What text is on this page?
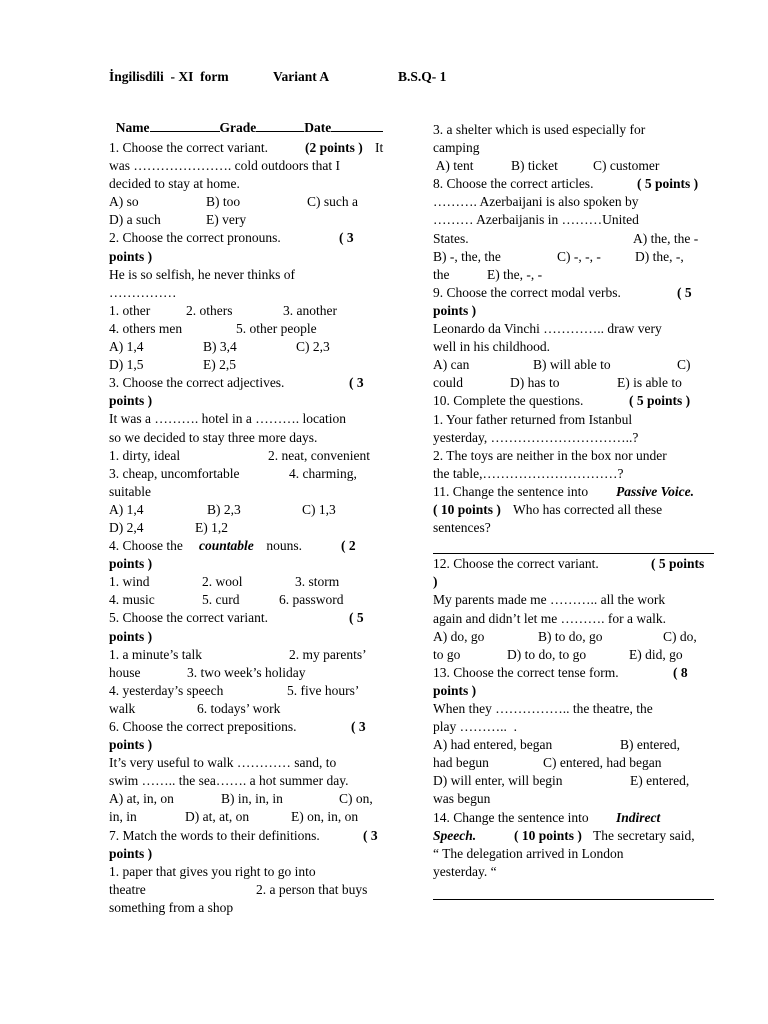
İngilisdili  - XI  form	Variant A	B.S.Q- 1

Name	Grade	Date

1. Choose the correct variant. (2 points ) It
was …………………. cold outdoors that I
decided to stay at home.
A) so	B) too	C) such a
D) a such	E) very
2. Choose the correct pronouns.	( 3
points )
He is so selfish, he never thinks of
……………
1. other	2. others	3. another
4. others men	5. other people
A) 1,4	B) 3,4	C) 2,3
D) 1,5	E) 2,5
3. Choose the correct adjectives.	( 3
points )
It was a ………. hotel in a ………. location
so we decided to stay three more days.
1. dirty, ideal	2. neat, convenient
3. cheap, uncomfortable	4. charming,
suitable
A) 1,4	B) 2,3	C) 1,3
D) 2,4	E) 1,2
4. Choose the countable nouns.	( 2
points )
1. wind	2. wool	3. storm
4. music	5. curd	6. password
5. Choose the correct variant.	( 5
points )
1. a minute’s talk	2. my parents’
house	3. two week’s holiday
4. yesterday’s speech	5. five hours’
walk	6. todays’ work
6. Choose the correct prepositions.	( 3
points )
It’s very useful to walk ………… sand, to
swim …….. the sea……. a hot summer day.
A) at, in, on	B) in, in, in	C) on,
in, in	D) at, at, on	E) on, in, on
7. Match the words to their definitions.	( 3
points )
1. paper that gives you right to go into
theatre	2. a person that buys
something from a shop
3. a shelter which is used especially for
camping
A) tent	B) ticket	C) customer
8. Choose the correct articles.	( 5 points )
………. Azerbaijani is also spoken by
……… Azerbaijanis in ………United
States.	A) the, the -
B) -, the, the	C) -, -, -	D) the, -,
the	E) the, -, -
9. Choose the correct modal verbs.	( 5
points )
Leonardo da Vinchi ………….. draw very
well in his childhood.
A) can	B) will able to	C)
could	D) has to	E) is able to
10. Complete the questions.	( 5 points )
1. Your father returned from Istanbul
yesterday, …………………………..?
2. The toys are neither in the box nor under
the table,…………………………?
11. Change the sentence into Passive Voice.
( 10 points ) Who has corrected all these
sentences?
12. Choose the correct variant.	( 5 points
)
My parents made me ……….. all the work
again and didn’t let me ………. for a walk.
A) do, go	B) to do, go	C) do,
to go	D) to do, to go	E) did, go
13. Choose the correct tense form.	( 8
points )
When they …………….. the theatre, the
play ………..  .
A) had entered, began	B) entered,
had begun	C) entered, had began
D) will enter, will begin	E) entered,
was begun
14. Change the sentence into Indirect
Speech.	( 10 points ) The secretary said,
“ The delegation arrived in London
yesterday. “
